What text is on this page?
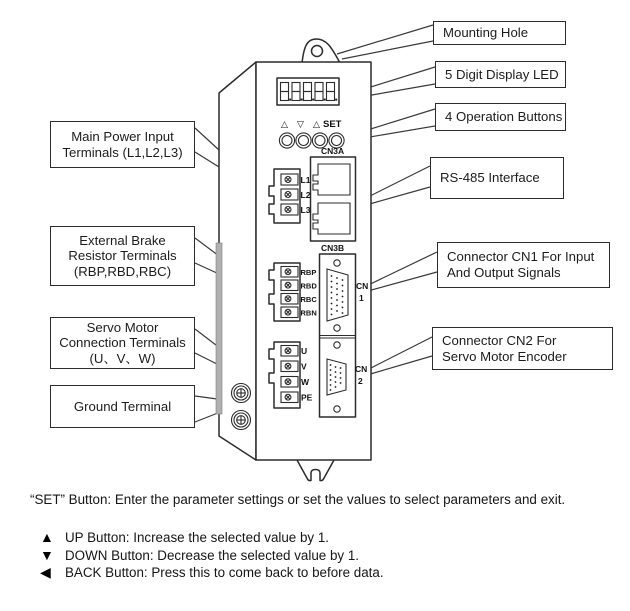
△ ▽ △ SET
CN3A
CN3B
CN
1
CN
2
L1
L2
L3
RBP
RBD
RBC
RBN
U
V
W
PE
Main Power Input
Terminals (L1,L2,L3)
External Brake
Resistor Terminals
(RBP,RBD,RBC)
Servo Motor
Connection Terminals
(U、V、W)
Ground Terminal
Mounting Hole
5 Digit Display LED
4 Operation Buttons
RS-485 Interface
Connector CN1 For Input
And Output Signals
Connector CN2 For
Servo Motor Encoder
“SET” Button: Enter the parameter settings or set the values to select parameters and exit.
▲ UP Button: Increase the selected value by 1.
▼ DOWN Button: Decrease the selected value by 1.
◀	BACK Button: Press this to come back to before data.
